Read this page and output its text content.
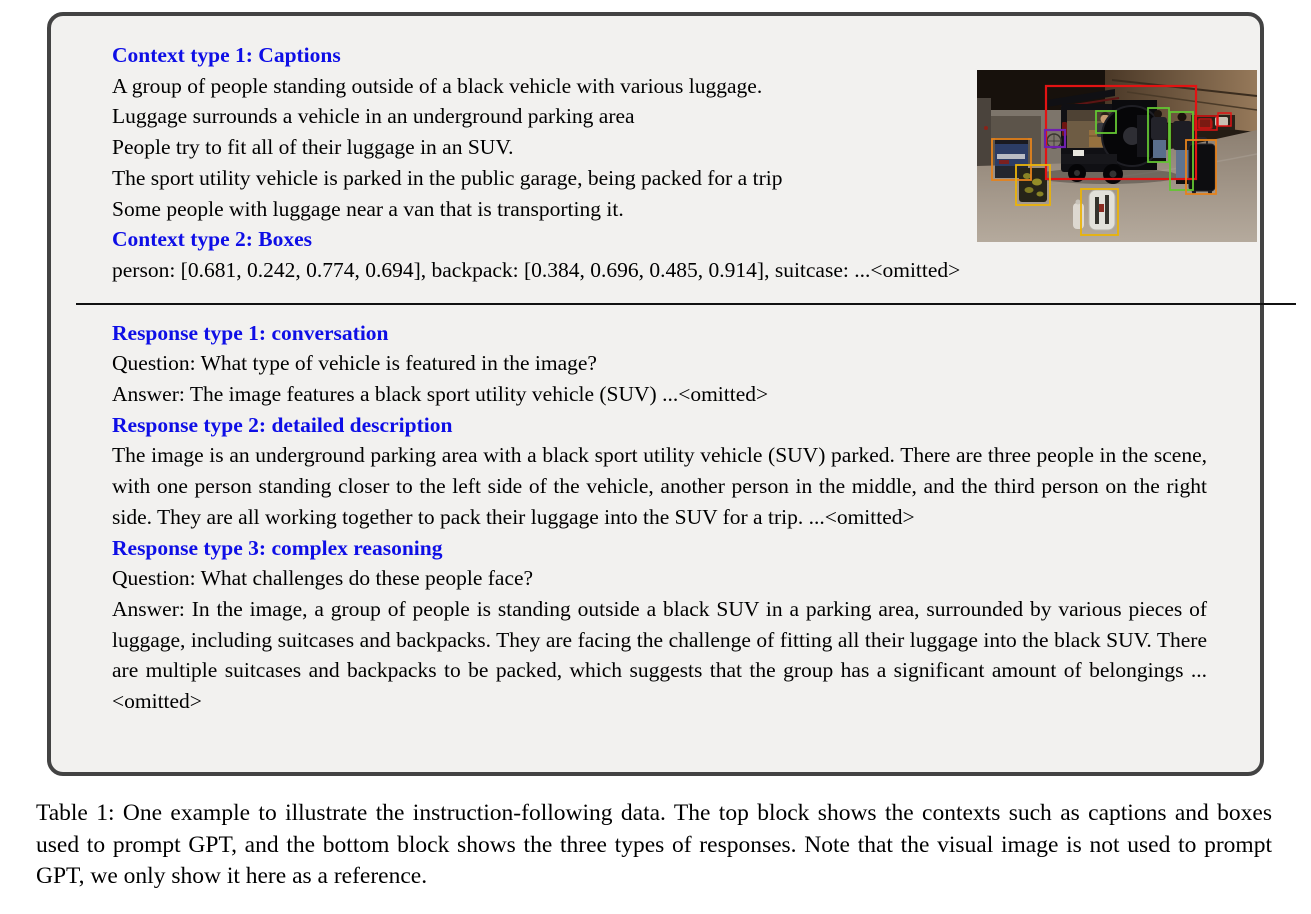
Context type 1: Captions
A group of people standing outside of a black vehicle with various luggage.
Luggage surrounds a vehicle in an underground parking area
People try to fit all of their luggage in an SUV.
The sport utility vehicle is parked in the public garage, being packed for a trip
Some people with luggage near a van that is transporting it.
Context type 2: Boxes
person: [0.681, 0.242, 0.774, 0.694], backpack: [0.384, 0.696, 0.485, 0.914], suitcase: ...<omitted>
Response type 1: conversation
Question: What type of vehicle is featured in the image?
Answer: The image features a black sport utility vehicle (SUV) ...<omitted>
Response type 2: detailed description
The image is an underground parking area with a black sport utility vehicle (SUV) parked. There are three people in the scene, with one person standing closer to the left side of the vehicle, another person in the middle, and the third person on the right side. They are all working together to pack their luggage into the SUV for a trip. ...<omitted>
Response type 3: complex reasoning
Question: What challenges do these people face?
Answer: In the image, a group of people is standing outside a black SUV in a parking area, surrounded by various pieces of luggage, including suitcases and backpacks. They are facing the challenge of fitting all their luggage into the black SUV. There are multiple suitcases and backpacks to be packed, which suggests that the group has a significant amount of belongings ...<omitted>

Table 1: One example to illustrate the instruction-following data. The top block shows the contexts such as captions and boxes used to prompt GPT, and the bottom block shows the three types of responses. Note that the visual image is not used to prompt GPT, we only show it here as a reference.
